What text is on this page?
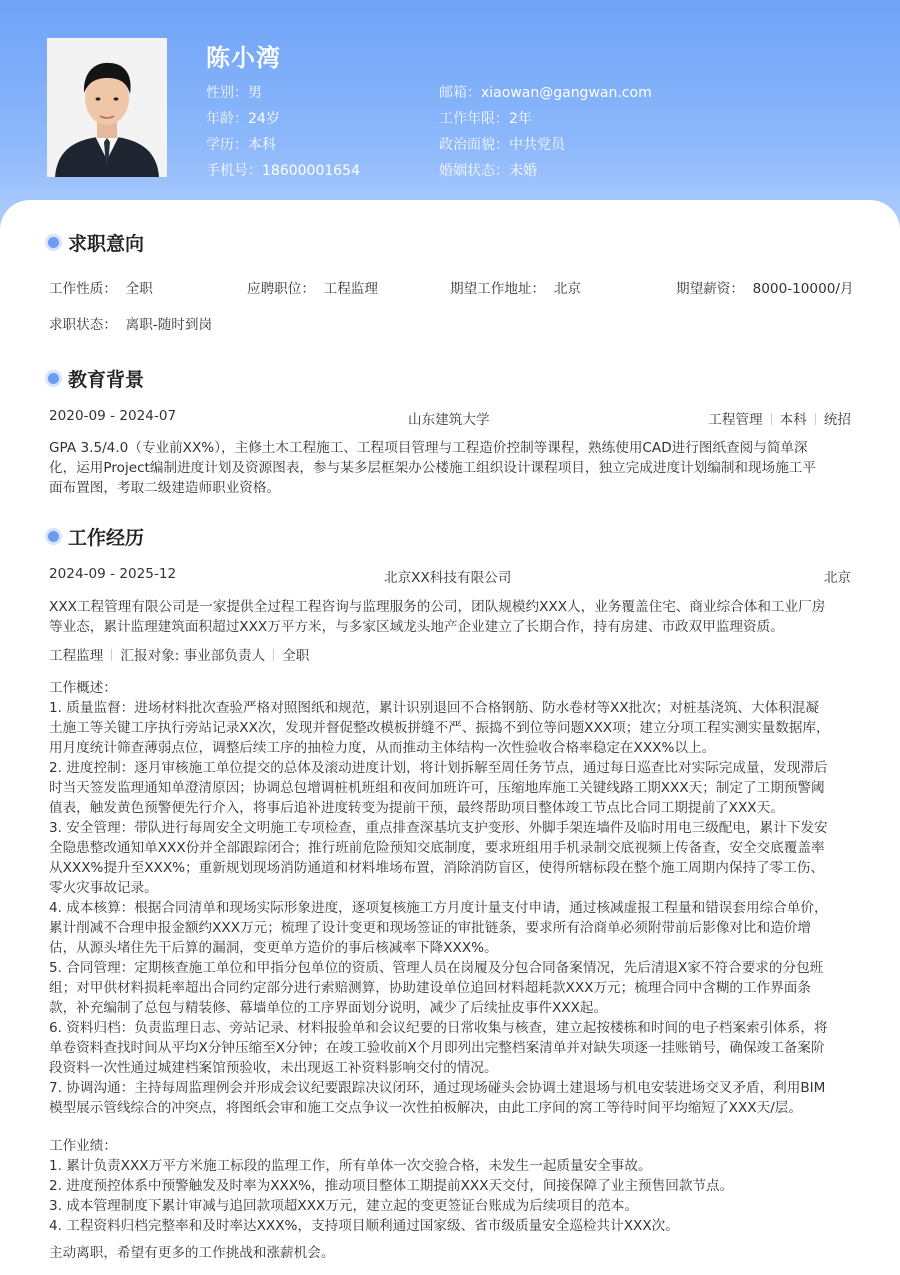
陈小湾
性别：男
年龄：24岁
学历：本科
手机号：18600001654
邮箱：xiaowan@gangwan.com
工作年限：2年
政治面貌：中共党员
婚姻状态：未婚
求职意向
工作性质： 全职	应聘职位： 工程监理	期望工作地址： 北京	期望薪资： 8000-10000/月
求职状态： 离职-随时到岗
教育背景
2020-09 - 2024-07	山东建筑大学	工程管理 本科 统招
GPA 3.5/4.0（专业前XX%），主修土木工程施工、工程项目管理与工程造价控制等课程，熟练使用CAD进行图纸查阅与简单深
化，运用Project编制进度计划及资源图表，参与某多层框架办公楼施工组织设计课程项目，独立完成进度计划编制和现场施工平
面布置图，考取二级建造师职业资格。
工作经历
2024-09 - 2025-12	北京XX科技有限公司	北京
XXX工程管理有限公司是一家提供全过程工程咨询与监理服务的公司，团队规模约XXX人，业务覆盖住宅、商业综合体和工业厂房
等业态，累计监理建筑面积超过XXX万平方米，与多家区域龙头地产企业建立了长期合作，持有房建、市政双甲监理资质。
工程监理 汇报对象: 事业部负责人 全职
工作概述：
1. 质量监督：进场材料批次查验严格对照图纸和规范，累计识别退回不合格钢筋、防水卷材等XX批次；对桩基浇筑、大体积混凝
土施工等关键工序执行旁站记录XX次，发现并督促整改模板拼缝不严、振捣不到位等问题XXX项；建立分项工程实测实量数据库，
用月度统计筛查薄弱点位，调整后续工序的抽检力度，从而推动主体结构一次性验收合格率稳定在XXX%以上。
2. 进度控制：逐月审核施工单位提交的总体及滚动进度计划，将计划拆解至周任务节点，通过每日巡查比对实际完成量，发现滞后
时当天签发监理通知单澄清原因；协调总包增调桩机班组和夜间加班许可，压缩地库施工关键线路工期XXX天；制定了工期预警阈
值表，触发黄色预警便先行介入，将事后追补进度转变为提前干预，最终帮助项目整体竣工节点比合同工期提前了XXX天。
3. 安全管理：带队进行每周安全文明施工专项检查，重点排查深基坑支护变形、外脚手架连墙件及临时用电三级配电，累计下发安
全隐患整改通知单XXX份并全部跟踪闭合；推行班前危险预知交底制度，要求班组用手机录制交底视频上传备查，安全交底覆盖率
从XXX%提升至XXX%；重新规划现场消防通道和材料堆场布置，消除消防盲区，使得所辖标段在整个施工周期内保持了零工伤、
零火灾事故记录。
4. 成本核算：根据合同清单和现场实际形象进度，逐项复核施工方月度计量支付申请，通过核减虚报工程量和错误套用综合单价，
累计削减不合理申报金额约XXX万元；梳理了设计变更和现场签证的审批链条，要求所有洽商单必须附带前后影像对比和造价增
估，从源头堵住先干后算的漏洞，变更单方造价的事后核减率下降XXX%。
5. 合同管理：定期核查施工单位和甲指分包单位的资质、管理人员在岗履及分包合同备案情况，先后清退X家不符合要求的分包班
组；对甲供材料损耗率超出合同约定部分进行索赔测算，协助建设单位追回材料超耗款XXX万元；梳理合同中含糊的工作界面条
款，补充编制了总包与精装修、幕墙单位的工序界面划分说明，减少了后续扯皮事件XXX起。
6. 资料归档：负责监理日志、旁站记录、材料报验单和会议纪要的日常收集与核查，建立起按楼栋和时间的电子档案索引体系，将
单卷资料查找时间从平均X分钟压缩至X分钟；在竣工验收前X个月即列出完整档案清单并对缺失项逐一挂账销号，确保竣工备案阶
段资料一次性通过城建档案馆预验收，未出现返工补资料影响交付的情况。
7. 协调沟通：主持每周监理例会并形成会议纪要跟踪决议闭环，通过现场碰头会协调土建退场与机电安装进场交叉矛盾，利用BIM
模型展示管线综合的冲突点，将图纸会审和施工交点争议一次性拍板解决，由此工序间的窝工等待时间平均缩短了XXX天/层。
工作业绩：
1. 累计负责XXX万平方米施工标段的监理工作，所有单体一次交验合格，未发生一起质量安全事故。
2. 进度预控体系中预警触发及时率为XXX%，推动项目整体工期提前XXX天交付，间接保障了业主预售回款节点。
3. 成本管理制度下累计审减与追回款项超XXX万元，建立起的变更签证台账成为后续项目的范本。
4. 工程资料归档完整率和及时率达XXX%，支持项目顺利通过国家级、省市级质量安全巡检共计XXX次。
主动离职，希望有更多的工作挑战和涨薪机会。
